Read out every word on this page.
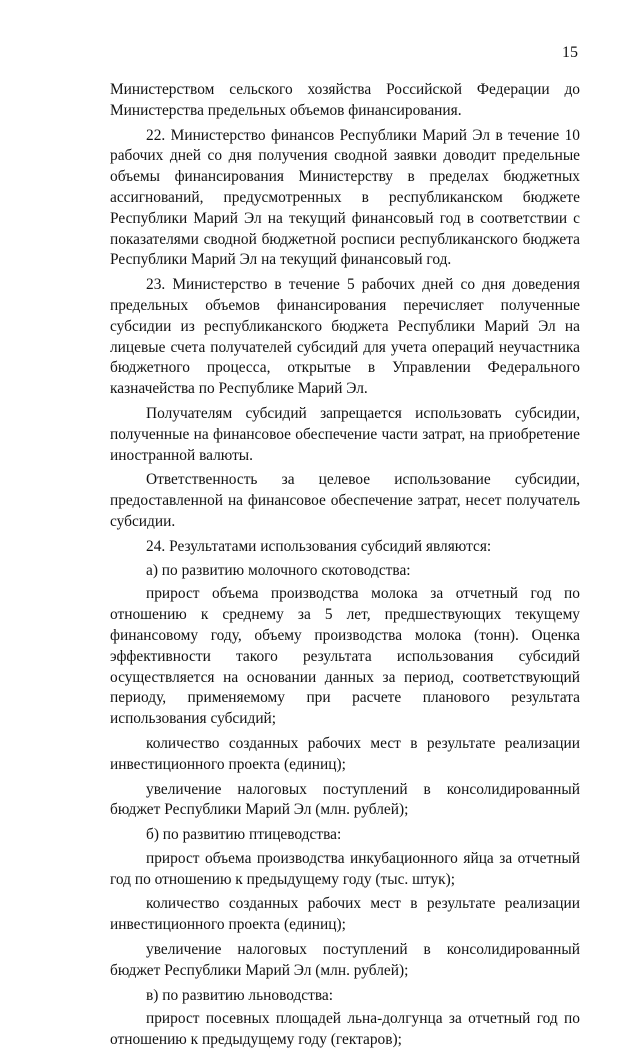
15

Министерством сельского хозяйства Российской Федерации до Министерства предельных объемов финансирования.

22. Министерство финансов Республики Марий Эл в течение 10 рабочих дней со дня получения сводной заявки доводит предельные объемы финансирования Министерству в пределах бюджетных ассигнований, предусмотренных в республиканском бюджете Республики Марий Эл на текущий финансовый год в соответствии с показателями сводной бюджетной росписи республиканского бюджета Республики Марий Эл на текущий финансовый год.

23. Министерство в течение 5 рабочих дней со дня доведения предельных объемов финансирования перечисляет полученные субсидии из республиканского бюджета Республики Марий Эл на лицевые счета получателей субсидий для учета операций неучастника бюджетного процесса, открытые в Управлении Федерального казначейства по Республике Марий Эл.

Получателям субсидий запрещается использовать субсидии, полученные на финансовое обеспечение части затрат, на приобретение иностранной валюты.

Ответственность за целевое использование субсидии, предоставленной на финансовое обеспечение затрат, несет получатель субсидии.

24. Результатами использования субсидий являются:

а) по развитию молочного скотоводства:

прирост объема производства молока за отчетный год по отношению к среднему за 5 лет, предшествующих текущему финансовому году, объему производства молока (тонн). Оценка эффективности такого результата использования субсидий осуществляется на основании данных за период, соответствующий периоду, применяемому при расчете планового результата использования субсидий;

количество созданных рабочих мест в результате реализации инвестиционного проекта (единиц);

увеличение налоговых поступлений в консолидированный бюджет Республики Марий Эл (млн. рублей);

б) по развитию птицеводства:

прирост объема производства инкубационного яйца за отчетный год по отношению к предыдущему году (тыс. штук);

количество созданных рабочих мест в результате реализации инвестиционного проекта (единиц);

увеличение налоговых поступлений в консолидированный бюджет Республики Марий Эл (млн. рублей);

в) по развитию льноводства:

прирост посевных площадей льна-долгунца за отчетный год по отношению к предыдущему году (гектаров);
